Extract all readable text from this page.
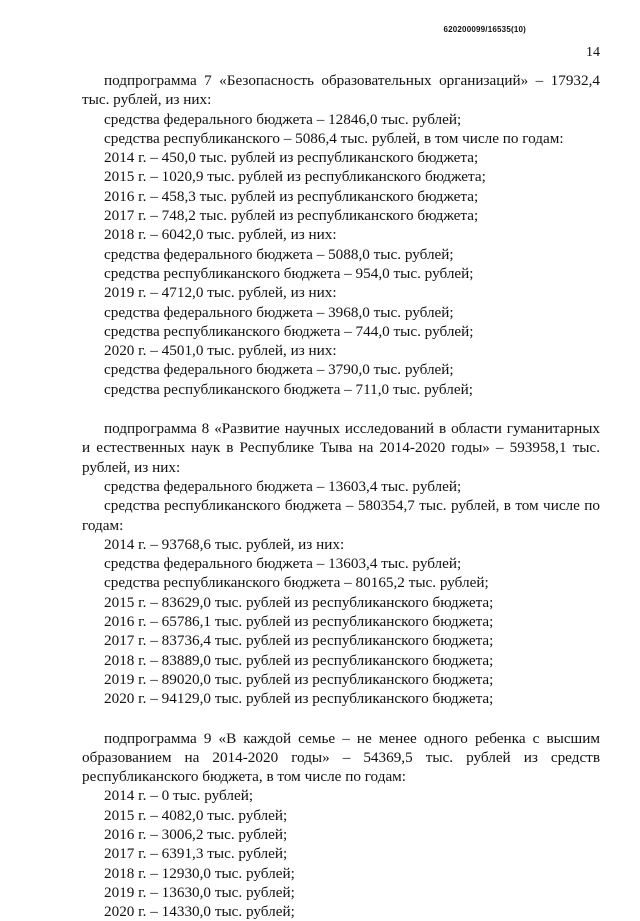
620200099/16535(10)
14

подпрограмма 7 «Безопасность образовательных организаций» – 17932,4 тыс. рублей, из них:

средства федерального бюджета – 12846,0 тыс. рублей;

средства республиканского – 5086,4 тыс. рублей, в том числе по годам:

2014 г. – 450,0 тыс. рублей из республиканского бюджета;

2015 г. – 1020,9 тыс. рублей из республиканского бюджета;

2016 г. – 458,3 тыс. рублей из республиканского бюджета;

2017 г. – 748,2 тыс. рублей из республиканского бюджета;

2018 г. – 6042,0 тыс. рублей, из них:

средства федерального бюджета – 5088,0 тыс. рублей;

средства республиканского бюджета – 954,0 тыс. рублей;

2019 г. – 4712,0 тыс. рублей, из них:

средства федерального бюджета – 3968,0 тыс. рублей;

средства республиканского бюджета – 744,0 тыс. рублей;

2020 г. – 4501,0 тыс. рублей, из них:

средства федерального бюджета – 3790,0 тыс. рублей;

средства республиканского бюджета – 711,0 тыс. рублей;

подпрограмма 8 «Развитие научных исследований в области гуманитарных и естественных наук в Республике Тыва на 2014-2020 годы» – 593958,1 тыс. рублей, из них:

средства федерального бюджета – 13603,4 тыс. рублей;

средства республиканского бюджета – 580354,7 тыс. рублей, в том числе по годам:

2014 г. – 93768,6 тыс. рублей, из них:

средства федерального бюджета – 13603,4 тыс. рублей;

средства республиканского бюджета – 80165,2 тыс. рублей;

2015 г. – 83629,0 тыс. рублей из республиканского бюджета;

2016 г. – 65786,1 тыс. рублей из республиканского бюджета;

2017 г. – 83736,4 тыс. рублей из республиканского бюджета;

2018 г. – 83889,0 тыс. рублей из республиканского бюджета;

2019 г. – 89020,0 тыс. рублей из республиканского бюджета;

2020 г. – 94129,0 тыс. рублей из республиканского бюджета;

подпрограмма 9 «В каждой семье – не менее одного ребенка с высшим образованием на 2014-2020 годы» – 54369,5 тыс. рублей из средств республиканского бюджета, в том числе по годам:

2014 г. – 0 тыс. рублей;

2015 г. – 4082,0 тыс. рублей;

2016 г. – 3006,2 тыс. рублей;

2017 г. – 6391,3 тыс. рублей;

2018 г. – 12930,0 тыс. рублей;

2019 г. – 13630,0 тыс. рублей;

2020 г. – 14330,0 тыс. рублей;
